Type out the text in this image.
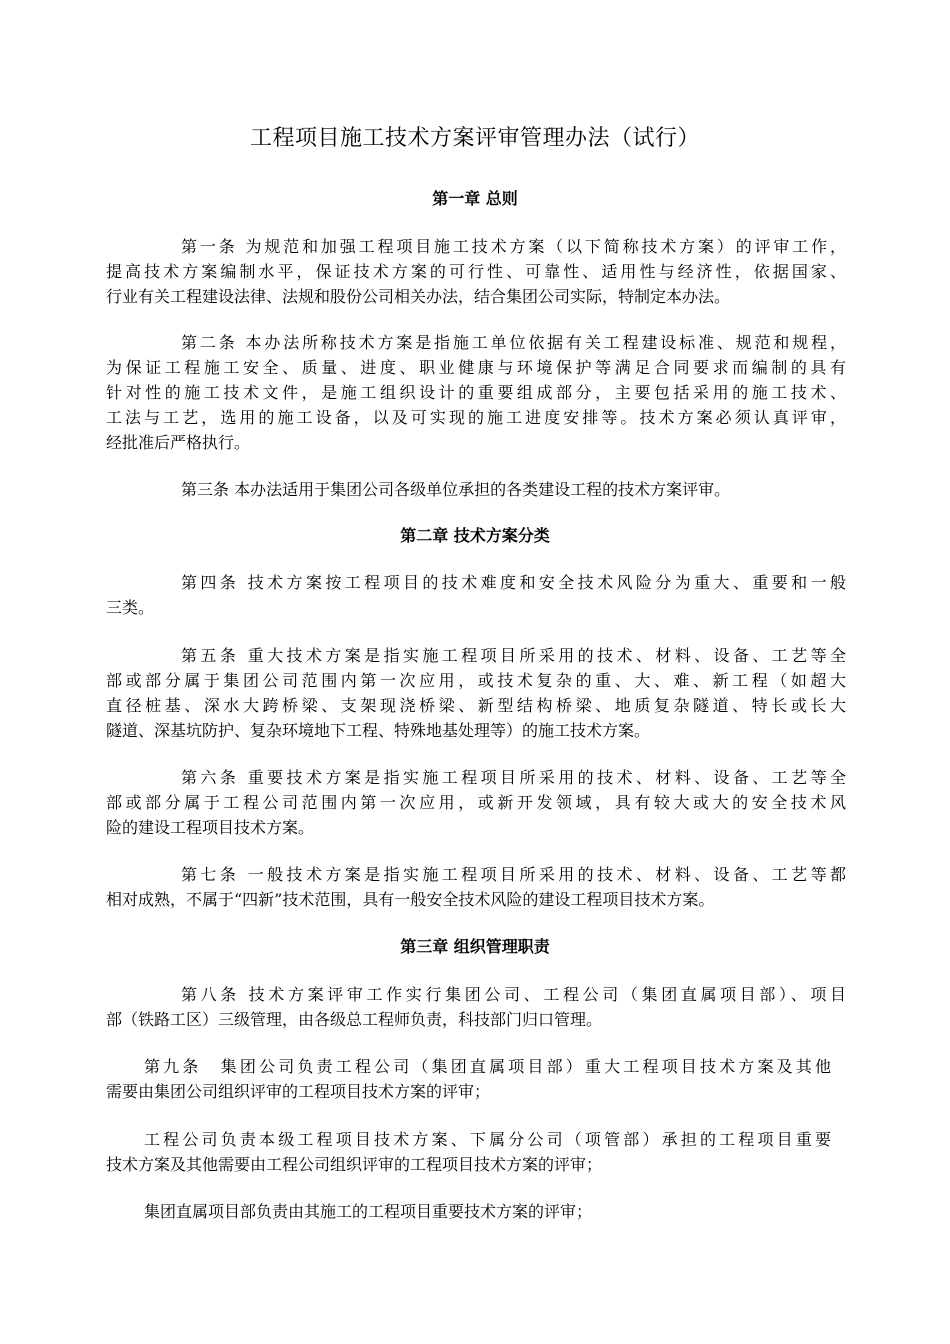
工程项目施工技术方案评审管理办法（试行）
第一章 总则
第一条 为规范和加强工程项目施工技术方案（以下简称技术方案）的评审工作，
提高技术方案编制水平，保证技术方案的可行性、可靠性、适用性与经济性，依据国家、
行业有关工程建设法律、法规和股份公司相关办法，结合集团公司实际，特制定本办法。
第二条 本办法所称技术方案是指施工单位依据有关工程建设标准、规范和规程，
为保证工程施工安全、质量、进度、职业健康与环境保护等满足合同要求而编制的具有
针对性的施工技术文件，是施工组织设计的重要组成部分，主要包括采用的施工技术、
工法与工艺，选用的施工设备，以及可实现的施工进度安排等。技术方案必须认真评审，
经批准后严格执行。
第三条 本办法适用于集团公司各级单位承担的各类建设工程的技术方案评审。
第二章 技术方案分类
第四条 技术方案按工程项目的技术难度和安全技术风险分为重大、重要和一般
三类。
第五条 重大技术方案是指实施工程项目所采用的技术、材料、设备、工艺等全
部或部分属于集团公司范围内第一次应用，或技术复杂的重、大、难、新工程（如超大
直径桩基、深水大跨桥梁、支架现浇桥梁、新型结构桥梁、地质复杂隧道、特长或长大
隧道、深基坑防护、复杂环境地下工程、特殊地基处理等）的施工技术方案。
第六条 重要技术方案是指实施工程项目所采用的技术、材料、设备、工艺等全
部或部分属于工程公司范围内第一次应用，或新开发领域，具有较大或大的安全技术风
险的建设工程项目技术方案。
第七条 一般技术方案是指实施工程项目所采用的技术、材料、设备、工艺等都
相对成熟，不属于“四新”技术范围，具有一般安全技术风险的建设工程项目技术方案。
第三章 组织管理职责
第八条 技术方案评审工作实行集团公司、工程公司（集团直属项目部）、项目
部（铁路工区）三级管理，由各级总工程师负责，科技部门归口管理。
第九条　集团公司负责工程公司（集团直属项目部）重大工程项目技术方案及其他
需要由集团公司组织评审的工程项目技术方案的评审；
工程公司负责本级工程项目技术方案、下属分公司（项管部）承担的工程项目重要
技术方案及其他需要由工程公司组织评审的工程项目技术方案的评审；
集团直属项目部负责由其施工的工程项目重要技术方案的评审；
